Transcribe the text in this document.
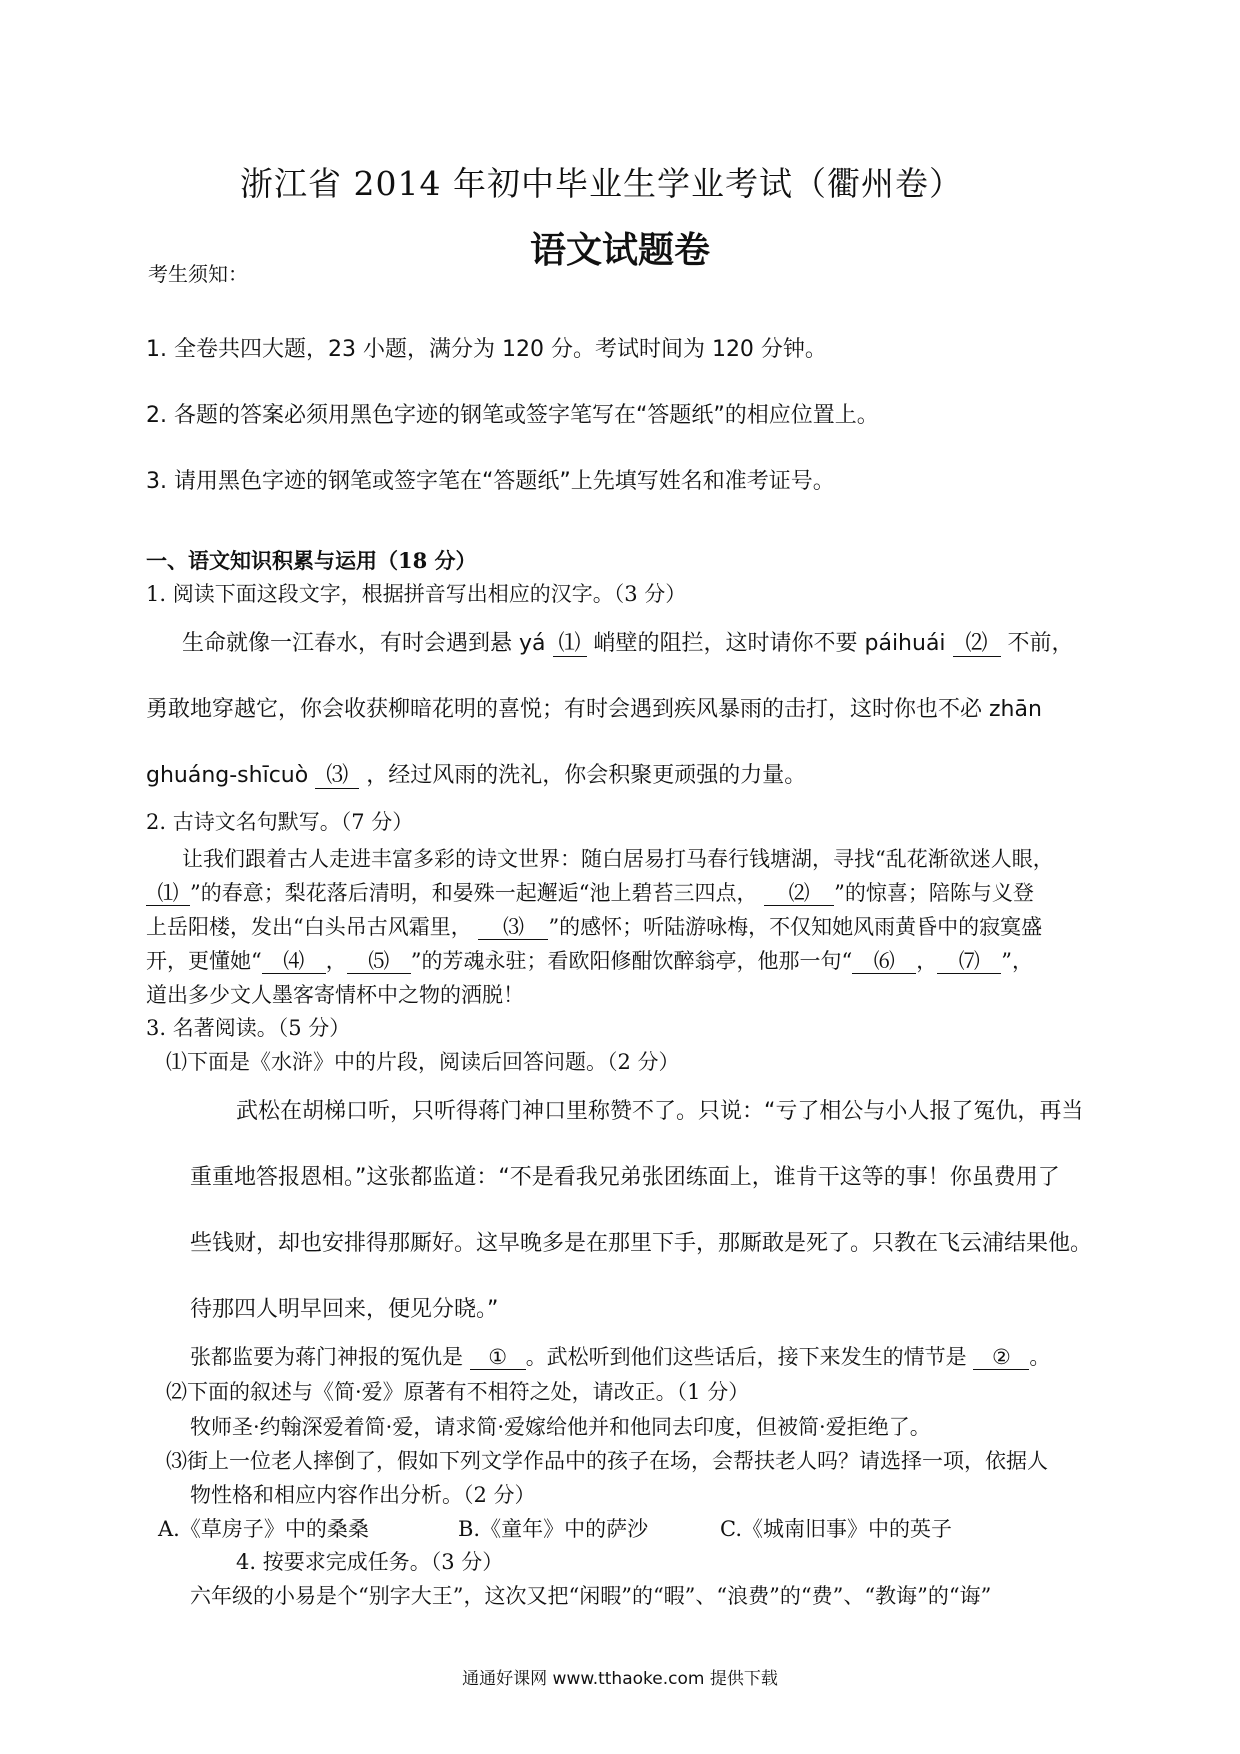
浙江省 2014 年初中毕业生学业考试（衢州卷）
语文试题卷
考生须知：
1. 全卷共四大题，23 小题，满分为 120 分。考试时间为 120 分钟。
2. 各题的答案必须用黑色字迹的钢笔或签字笔写在“答题纸”的相应位置上。
3. 请用黑色字迹的钢笔或签字笔在“答题纸”上先填写姓名和准考证号。
一、语文知识积累与运用（18 分）
1. 阅读下面这段文字，根据拼音写出相应的汉字。（3 分）
生命就像一江春水，有时会遇到悬 yá ⑴ 峭壁的阻拦，这时请你不要 páihuái ⑵ 不前，
勇敢地穿越它，你会收获柳暗花明的喜悦；有时会遇到疾风暴雨的击打，这时你也不必 zhān
ghuáng-shīcuò ⑶ ，经过风雨的洗礼，你会积聚更顽强的力量。
2. 古诗文名句默写。（7 分）
让我们跟着古人走进丰富多彩的诗文世界：随白居易打马春行钱塘湖，寻找“乱花渐欲迷人眼，
⑴ ”的春意；梨花落后清明，和晏殊一起邂逅“池上碧苔三四点， ⑵ ”的惊喜；陪陈与义登
上岳阳楼，发出“白头吊古风霜里， ⑶ ”的感怀；听陆游咏梅，不仅知她风雨黄昏中的寂寞盛
开，更懂她“ ⑷ ， ⑸ ”的芳魂永驻；看欧阳修酣饮醉翁亭，他那一句“ ⑹ ， ⑺ ”，
道出多少文人墨客寄情杯中之物的洒脱！
3. 名著阅读。（5 分）
⑴下面是《水浒》中的片段，阅读后回答问题。（2 分）
武松在胡梯口听，只听得蒋门神口里称赞不了。只说：“亏了相公与小人报了冤仇，再当
重重地答报恩相。”这张都监道：“不是看我兄弟张团练面上，谁肯干这等的事！你虽费用了
些钱财，却也安排得那厮好。这早晚多是在那里下手，那厮敢是死了。只教在飞云浦结果他。
待那四人明早回来，便见分晓。”
张都监要为蒋门神报的冤仇是 ① 。武松听到他们这些话后，接下来发生的情节是 ② 。
⑵下面的叙述与《简·爱》原著有不相符之处，请改正。（1 分）
牧师圣·约翰深爱着简·爱，请求简·爱嫁给他并和他同去印度，但被简·爱拒绝了。
⑶街上一位老人摔倒了，假如下列文学作品中的孩子在场，会帮扶老人吗？请选择一项，依据人
物性格和相应内容作出分析。（2 分）
A.《草房子》中的桑桑	B.《童年》中的萨沙	C.《城南旧事》中的英子
4. 按要求完成任务。（3 分）
六年级的小易是个“别字大王”，这次又把“闲暇”的“暇”、“浪费”的“费”、“教诲”的“诲”
通通好课网 www.tthaoke.com 提供下载
